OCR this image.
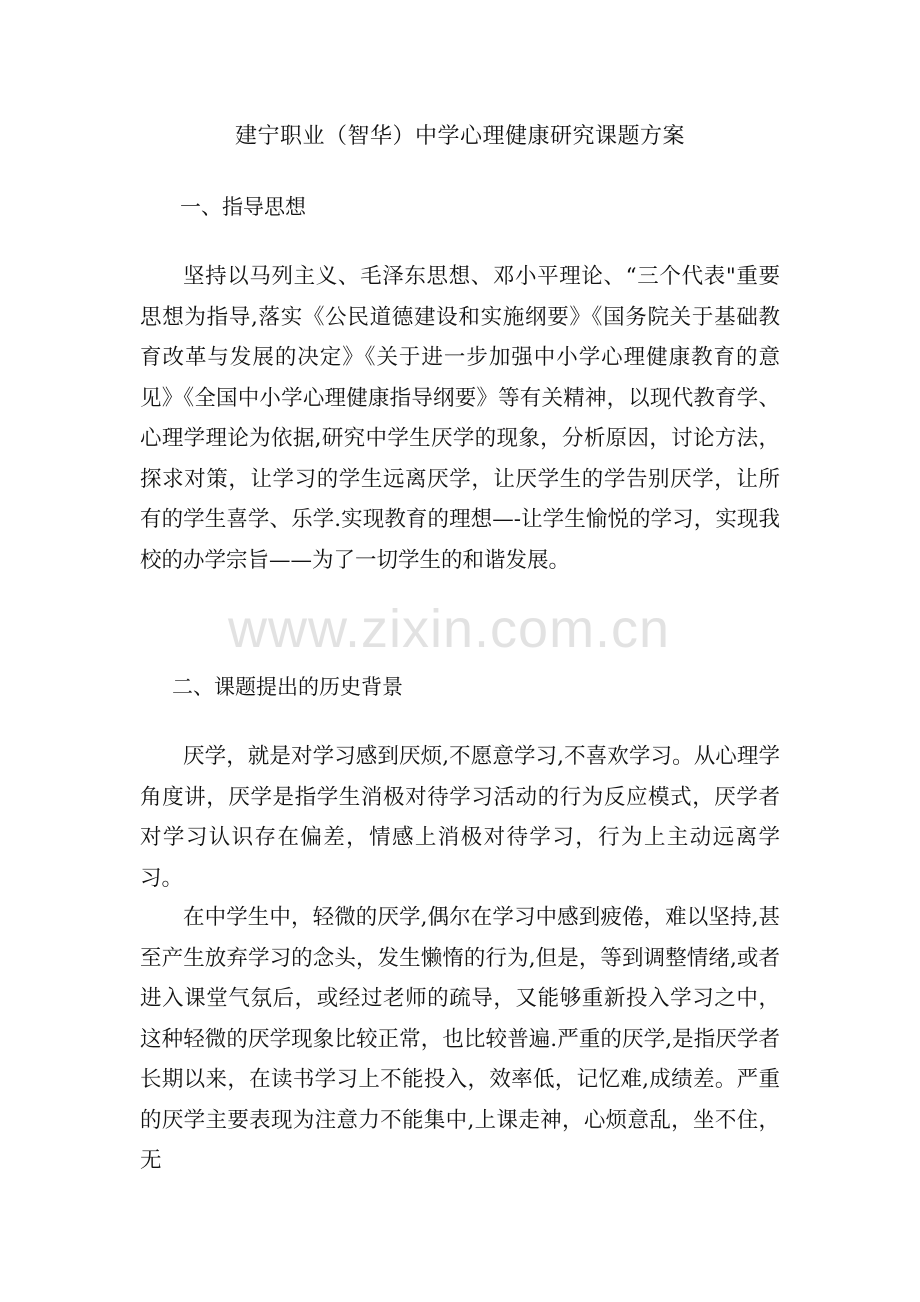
建宁职业（智华）中学心理健康研究课题方案
一、指导思想

坚持以马列主义、毛泽东思想、邓小平理论、“三个代表"重要思想为指导,落实《公民道德建设和实施纲要》《国务院关于基础教育改革与发展的决定》《关于进一步加强中小学心理健康教育的意见》《全国中小学心理健康指导纲要》等有关精神，以现代教育学、心理学理论为依据,研究中学生厌学的现象，分析原因，讨论方法，探求对策，让学习的学生远离厌学，让厌学生的学告别厌学，让所有的学生喜学、乐学.实现教育的理想—-让学生愉悦的学习，实现我校的办学宗旨——为了一切学生的和谐发展。

www.zixin.com.cn
二、课题提出的历史背景

厌学，就是对学习感到厌烦,不愿意学习,不喜欢学习。从心理学角度讲，厌学是指学生消极对待学习活动的行为反应模式，厌学者对学习认识存在偏差，情感上消极对待学习，行为上主动远离学习。

在中学生中，轻微的厌学,偶尔在学习中感到疲倦，难以坚持,甚至产生放弃学习的念头，发生懒惰的行为,但是，等到调整情绪,或者进入课堂气氛后，或经过老师的疏导，又能够重新投入学习之中，这种轻微的厌学现象比较正常，也比较普遍.严重的厌学,是指厌学者长期以来，在读书学习上不能投入，效率低，记忆难,成绩差。严重的厌学主要表现为注意力不能集中,上课走神，心烦意乱，坐不住，无
